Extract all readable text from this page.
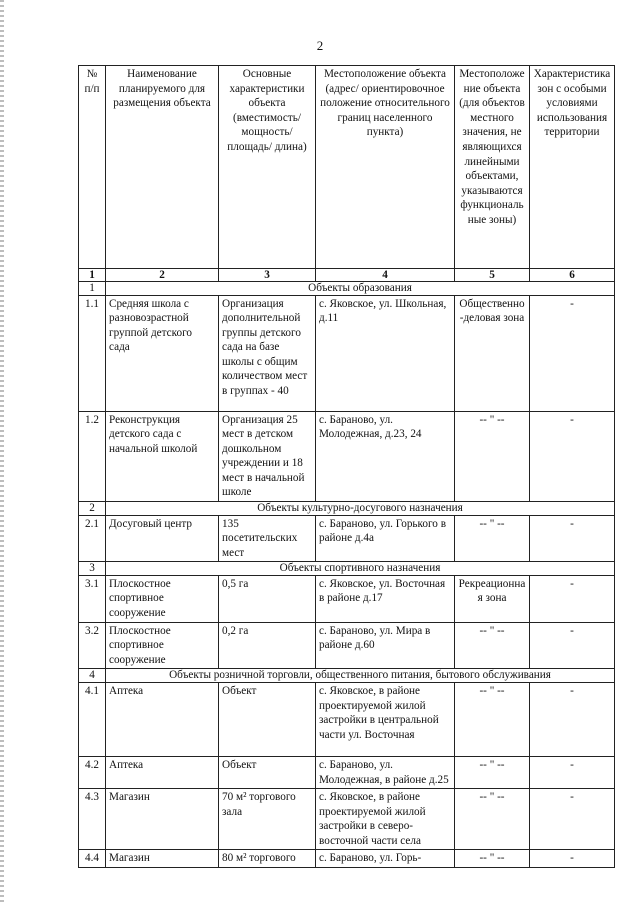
2
№ п/п	Наименование планируемого для размещения объекта	Основные характеристики объекта (вместимость/ мощность/ площадь/ длина)	Местоположение объекта (адрес/ ориентировочное положение относительного границ населенного пункта)	Местоположение объекта (для объектов местного значения, не являющихся линейными объектами, указываются функциональные зоны)	Характеристика зон с особыми условиями использования территории
1	2	3	4	5	6
1	Объекты образования				
1.1	Средняя школа с разновозрастной группой детского сада	Организация дополнительной группы детского сада на базе школы с общим количеством мест в группах - 40	с. Яковское, ул. Школьная, д.11	Общественно-деловая зона	-
1.2	Реконструкция детского сада с начальной школой	Организация 25 мест в детском дошкольном учреждении и 18 мест в начальной школе	с. Бараново, ул. Молодежная, д.23, 24	-- " --	-
2	Объекты культурно-досугового назначения				
2.1	Досуговый центр	135 посетительских мест	с. Бараново, ул. Горького в районе д.4а	-- " --	-
3	Объекты спортивного назначения				
3.1	Плоскостное спортивное сооружение	0,5 га	с. Яковское, ул. Восточная в районе д.17	Рекреационная зона	-
3.2	Плоскостное спортивное сооружение	0,2 га	с. Бараново, ул. Мира в районе д.60	-- " --	-
4	Объекты розничной торговли, общественного питания, бытового обслуживания				
4.1	Аптека	Объект	с. Яковское, в районе проектируемой жилой застройки в центральной части ул. Восточная	-- " --	-
4.2	Аптека	Объект	с. Бараново, ул. Молодежная, в районе д.25	-- " --	-
4.3	Магазин	70 м² торгового зала	с. Яковское, в районе проектируемой жилой застройки в северо-восточной части села	-- " --	-
4.4	Магазин	80 м² торгового	с. Бараново, ул. Горь-	-- " --	-
